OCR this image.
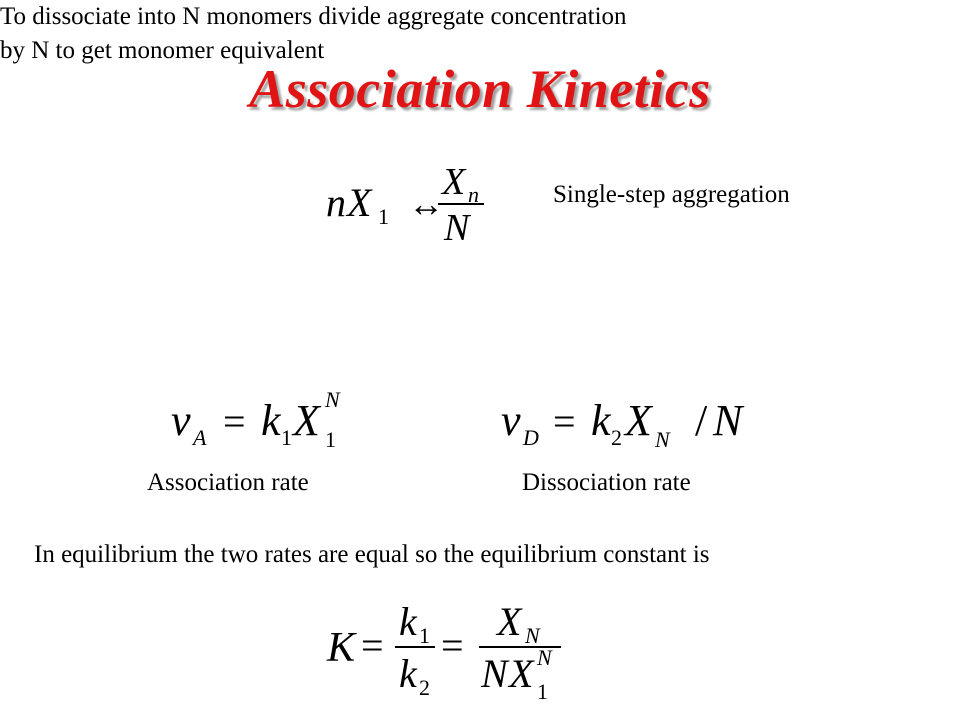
Association Kinetics
n X 1 ↔
X n
N
Single-step aggregation
To dissociate into N monomers divide aggregate concentration
by N to get monomer equivalent
v A = k 1 X 1
N	v D = k 2 X N / N
Association rate	Dissociation rate
In equilibrium the two rates are equal so the equilibrium constant is
K =
k 1
k 2
=
X N
N X 1
N
